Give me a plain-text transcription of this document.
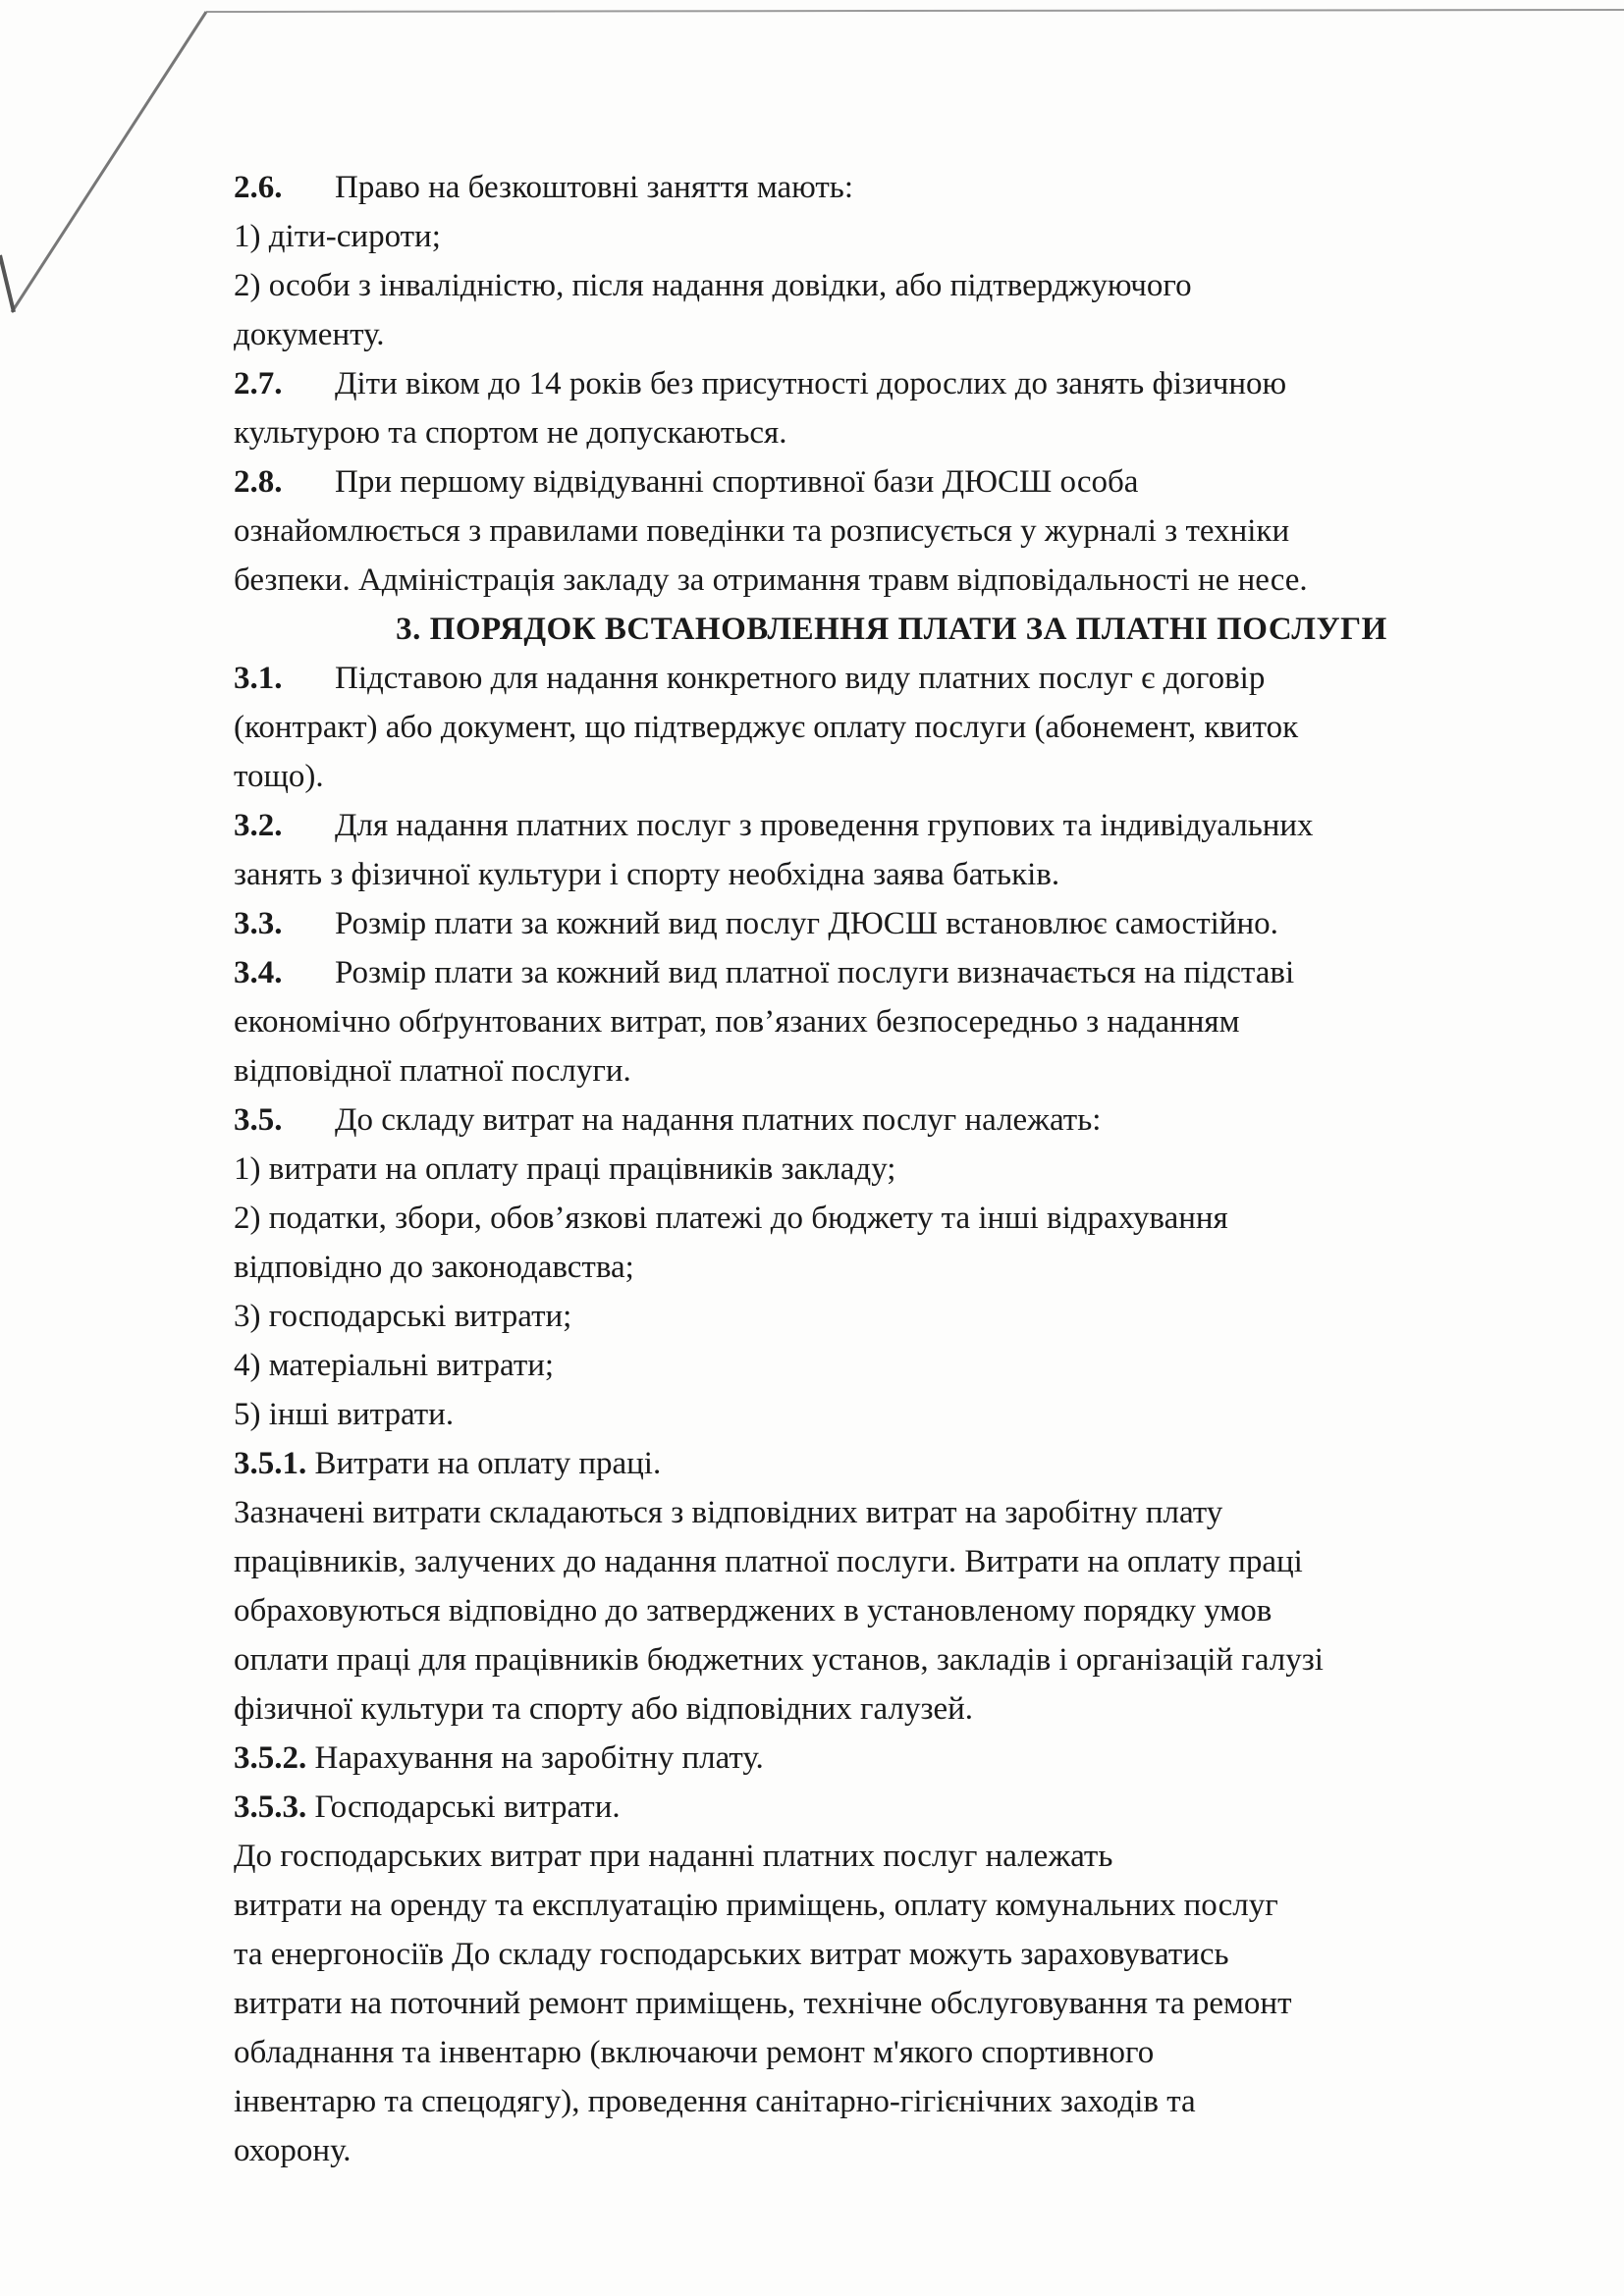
2.6. Право на безкоштовні заняття мають:
1) діти-сироти;
2) особи з інвалідністю, після надання довідки, або підтверджуючого
документу.
2.7. Діти віком до 14 років без присутності дорослих до занять фізичною
культурою та спортом не допускаються.
2.8. При першому відвідуванні спортивної бази ДЮСШ особа
ознайомлюється з правилами поведінки та розписується у журналі з техніки
безпеки. Адміністрація закладу за отримання травм відповідальності не несе.
3. ПОРЯДОК ВСТАНОВЛЕННЯ ПЛАТИ ЗА ПЛАТНІ ПОСЛУГИ
3.1. Підставою для надання конкретного виду платних послуг є договір
(контракт) або документ, що підтверджує оплату послуги (абонемент, квиток
тощо).
3.2. Для надання платних послуг з проведення групових та індивідуальних
занять з фізичної культури і спорту необхідна заява батьків.
3.3. Розмір плати за кожний вид послуг ДЮСШ встановлює самостійно.
3.4. Розмір плати за кожний вид платної послуги визначається на підставі
економічно обґрунтованих витрат, пов’язаних безпосередньо з наданням
відповідної платної послуги.
3.5. До складу витрат на надання платних послуг належать:
1) витрати на оплату праці працівників закладу;
2) податки, збори, обов’язкові платежі до бюджету та інші відрахування
відповідно до законодавства;
3) господарські витрати;
4) матеріальні витрати;
5) інші витрати.
3.5.1. Витрати на оплату праці.
Зазначені витрати складаються з відповідних витрат на заробітну плату
працівників, залучених до надання платної послуги. Витрати на оплату праці
обраховуються відповідно до затверджених в установленому порядку умов
оплати праці для працівників бюджетних установ, закладів і організацій галузі
фізичної культури та спорту або відповідних галузей.
3.5.2. Нарахування на заробітну плату.
3.5.3. Господарські витрати.
До господарських витрат при наданні платних послуг належать
витрати на оренду та експлуатацію приміщень, оплату комунальних послуг
та енергоносіїв До складу господарських витрат можуть зараховуватись
витрати на поточний ремонт приміщень, технічне обслуговування та ремонт
обладнання та інвентарю (включаючи ремонт м'якого спортивного
інвентарю та спецодягу), проведення санітарно-гігієнічних заходів та
охорону.
